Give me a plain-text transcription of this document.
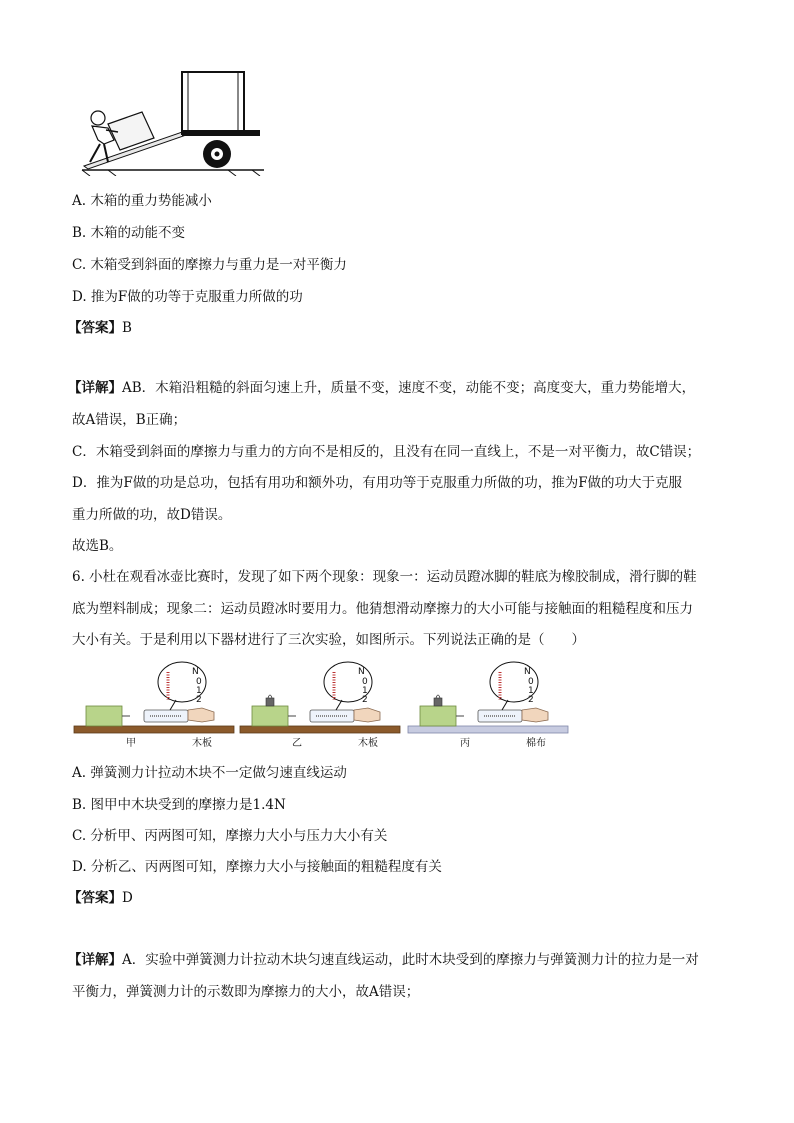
A. 木箱的重力势能减小
B. 木箱的动能不变
C. 木箱受到斜面的摩擦力与重力是一对平衡力
D. 推为F做的功等于克服重力所做的功
【答案】B
【详解】AB．木箱沿粗糙的斜面匀速上升，质量不变，速度不变，动能不变；高度变大，重力势能增大，
故A错误，B正确；
C．木箱受到斜面的摩擦力与重力的方向不是相反的，且没有在同一直线上，不是一对平衡力，故C错误；
D．推为F做的功是总功，包括有用功和额外功，有用功等于克服重力所做的功，推为F做的功大于克服
重力所做的功，故D错误。
故选B。
6. 小杜在观看冰壶比赛时，发现了如下两个现象：现象一：运动员蹬冰脚的鞋底为橡胶制成，滑行脚的鞋
底为塑料制成；现象二：运动员蹬冰时要用力。他猜想滑动摩擦力的大小可能与接触面的粗糙程度和压力
大小有关。于是利用以下器材进行了三次实验，如图所示。下列说法正确的是（　　）
N
0
1
2
甲	木板
N
0
1
2
乙	木板
N
0
1
2
丙	棉布
A. 弹簧测力计拉动木块不一定做匀速直线运动
B. 图甲中木块受到的摩擦力是1.4N
C. 分析甲、丙两图可知，摩擦力大小与压力大小有关
D. 分析乙、丙两图可知，摩擦力大小与接触面的粗糙程度有关
【答案】D
【详解】A．实验中弹簧测力计拉动木块匀速直线运动，此时木块受到的摩擦力与弹簧测力计的拉力是一对
平衡力，弹簧测力计的示数即为摩擦力的大小，故A错误；
